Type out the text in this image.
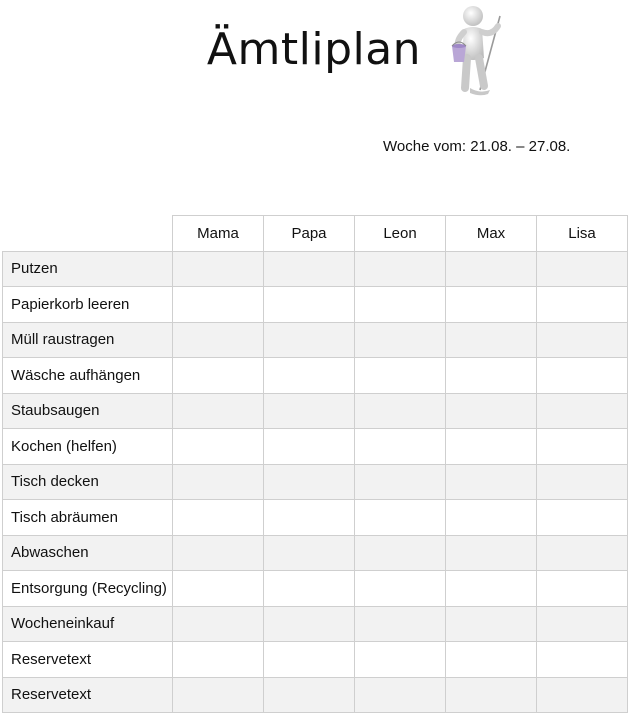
Ämtliplan
Woche vom: 21.08. – 27.08.
	Mama	Papa	Leon	Max	Lisa
Putzen					
Papierkorb leeren					
Müll raustragen					
Wäsche aufhängen					
Staubsaugen					
Kochen (helfen)					
Tisch decken					
Tisch abräumen					
Abwaschen					
Entsorgung (Recycling)					
Wocheneinkauf					
Reservetext					
Reservetext					
